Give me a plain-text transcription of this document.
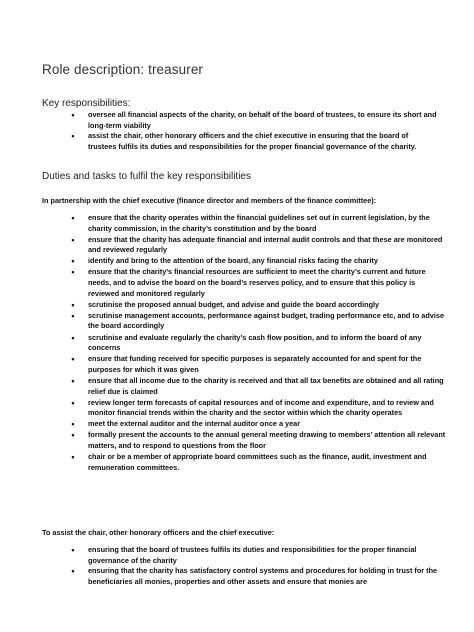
Role description: treasurer
Key responsibilities:
•	oversee all financial aspects of the charity, on behalf of the board of trustees, to ensure its short and long-term viability
•	assist the chair, other honorary officers and the chief executive in ensuring that the board of trustees fulfils its duties and responsibilities for the proper financial governance of the charity.
Duties and tasks to fulfil the key responsibilities
In partnership with the chief executive (finance director and members of the finance committee):
•	ensure that the charity operates within the financial guidelines set out in current legislation, by the charity commission, in the charity’s constitution and by the board
•	ensure that the charity has adequate financial and internal audit controls and that these are monitored and reviewed regularly
•	identify and bring to the attention of the board, any financial risks facing the charity
•	ensure that the charity’s financial resources are sufficient to meet the charity’s current and future needs, and to advise the board on the board’s reserves policy, and to ensure that this policy is reviewed and monitored regularly
•	scrutinise the proposed annual budget, and advise and guide the board accordingly
•	scrutinise management accounts, performance against budget, trading performance etc, and to advise the board accordingly
•	scrutinise and evaluate regularly the charity’s cash flow position, and to inform the board of any concerns
•	ensure that funding received for specific purposes is separately accounted for and spent for the purposes for which it was given
•	ensure that all income due to the charity is received and that all tax benefits are obtained and all rating relief due is claimed
•	review longer term forecasts of capital resources and of income and expenditure, and to review and monitor financial trends within the charity and the sector within which the charity operates
•	meet the external auditor and the internal auditor once a year
•	formally present the accounts to the annual general meeting drawing to members’ attention all relevant matters, and to respond to questions from the floor
•	chair or be a member of appropriate board committees such as the finance, audit, investment and remuneration committees.
To assist the chair, other honorary officers and the chief executive:
•	ensuring that the board of trustees fulfils its duties and responsibilities for the proper financial governance of the charity
•	ensuring that the charity has satisfactory control systems and procedures for holding in trust for the beneficiaries all monies, properties and other assets and ensure that monies are
